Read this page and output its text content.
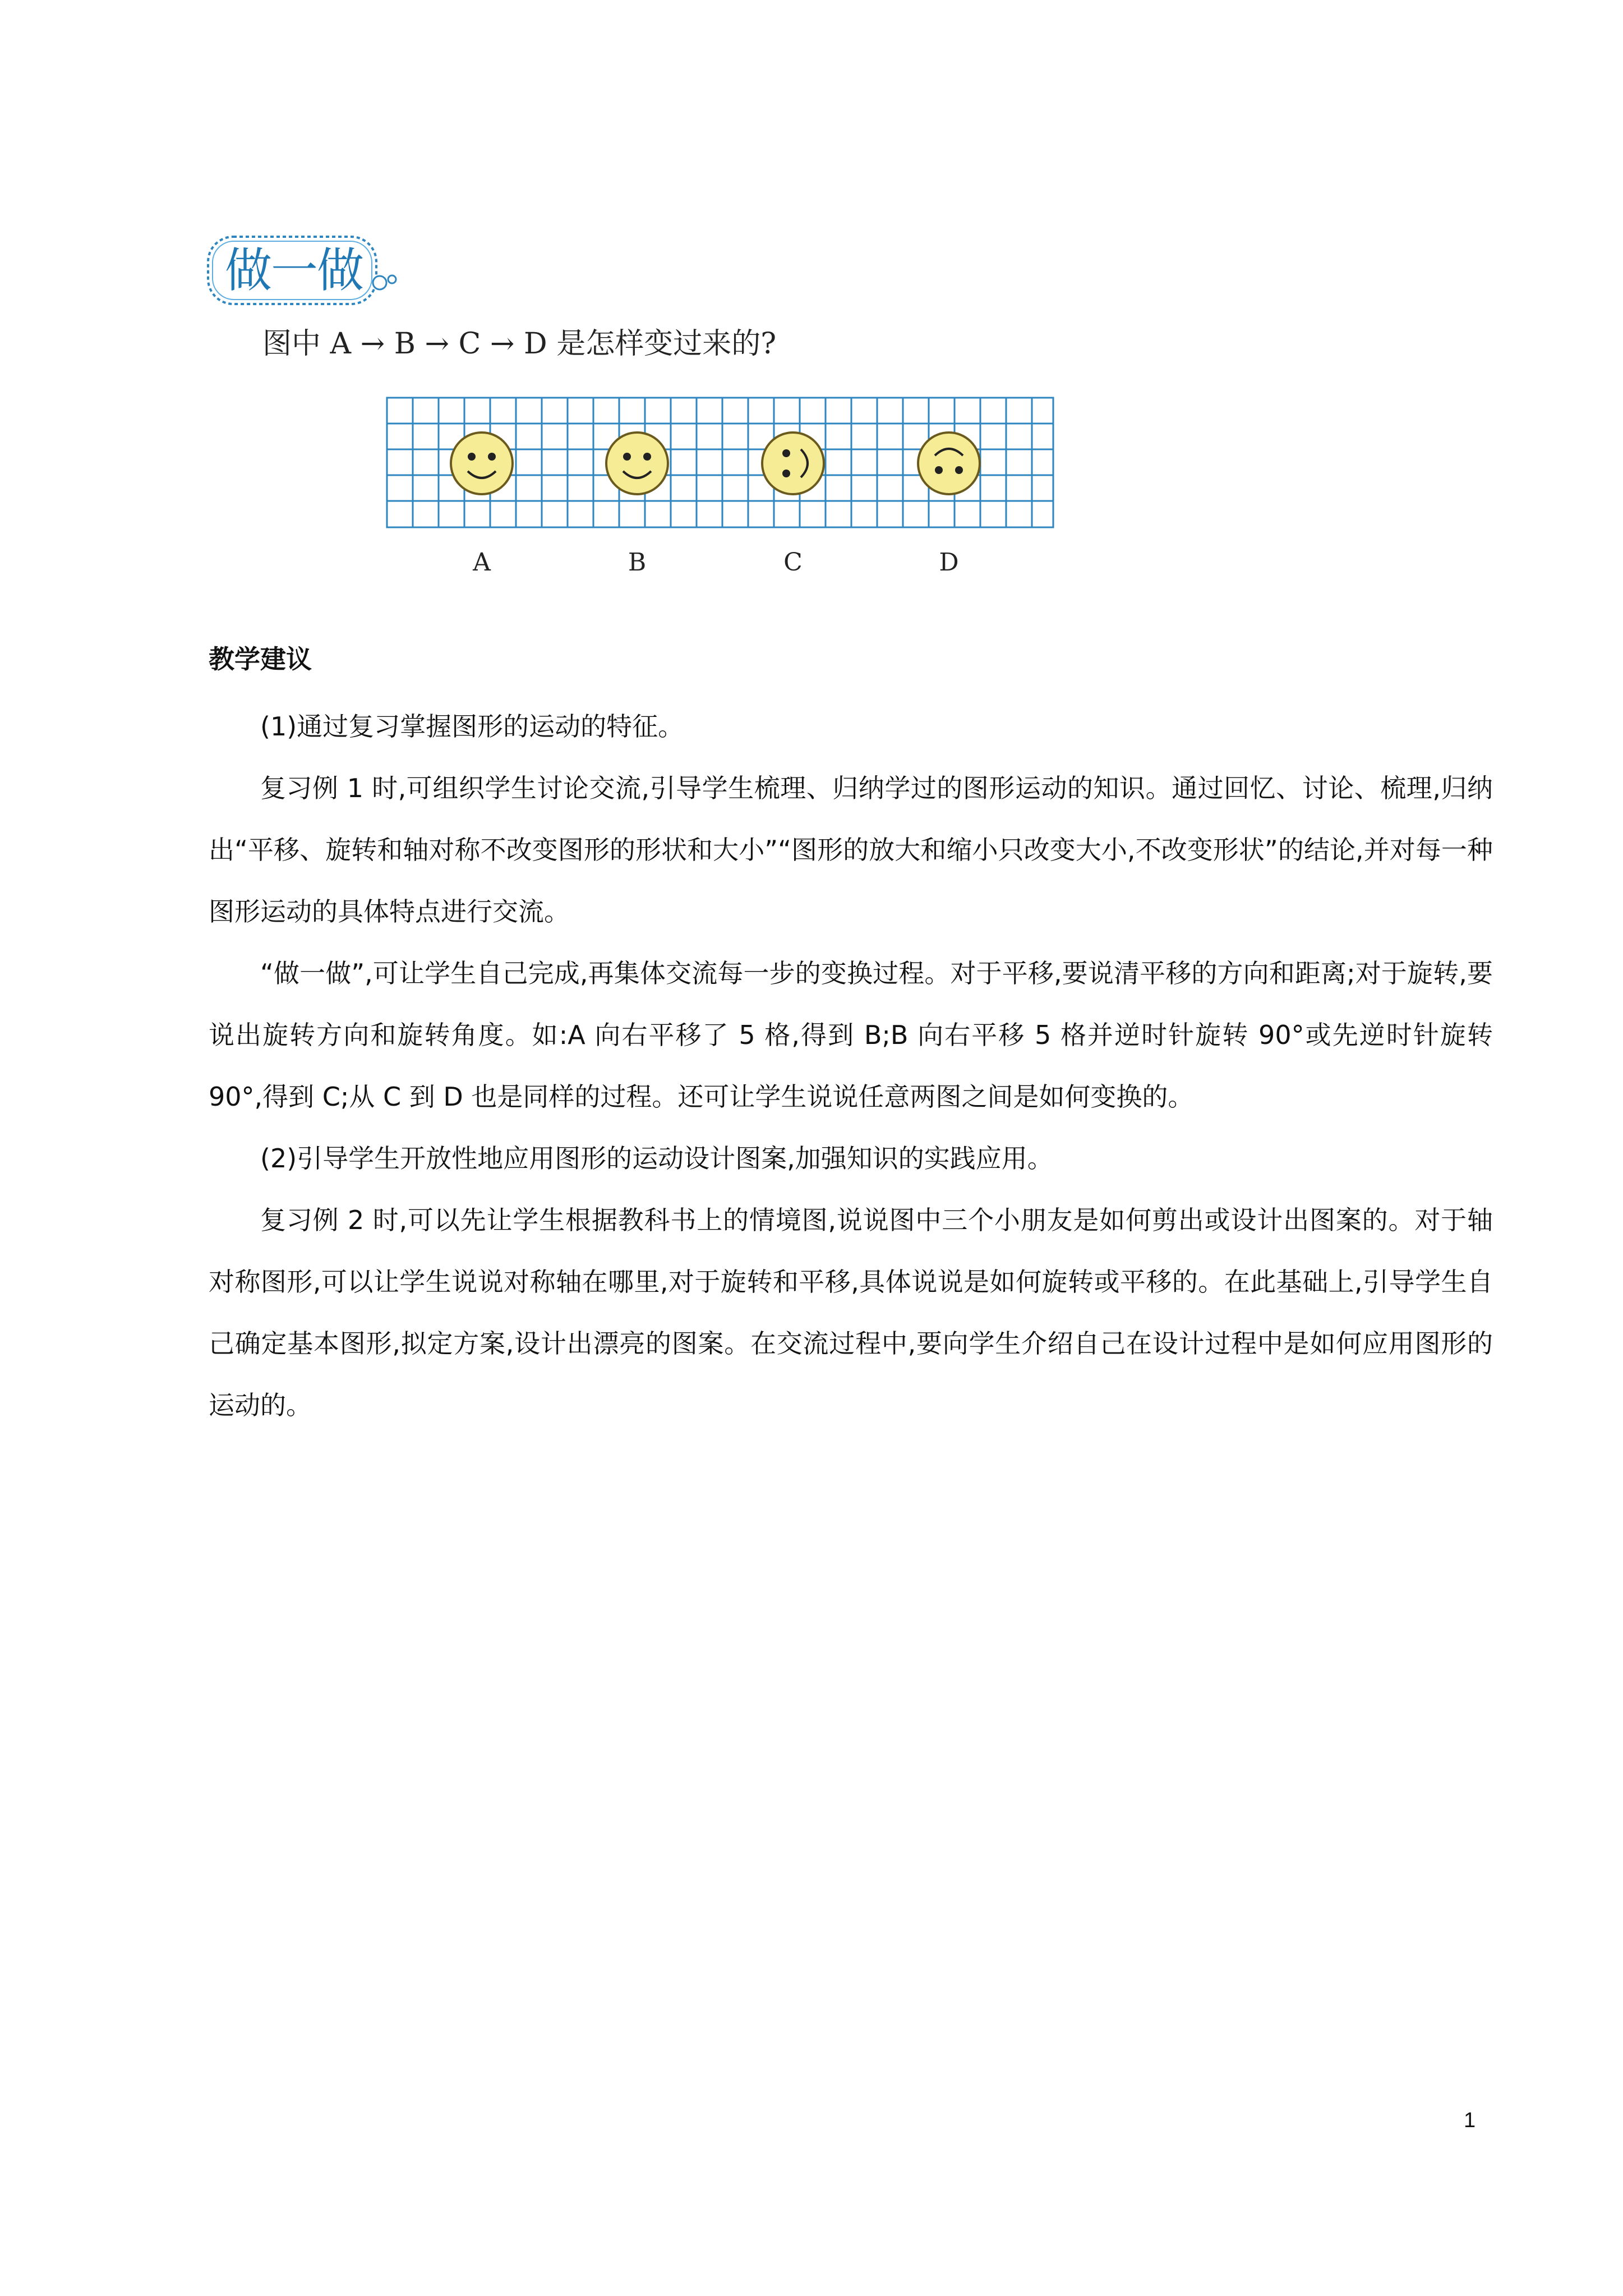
做一做
图中 A → B → C → D 是怎样变过来的?
A	B	C	D
教学建议

(1)通过复习掌握图形的运动的特征。

复习例 1 时,可组织学生讨论交流,引导学生梳理、归纳学过的图形运动的知识。通过回忆、讨论、梳理,归纳出“平移、旋转和轴对称不改变图形的形状和大小”“图形的放大和缩小只改变大小,不改变形状”的结论,并对每一种图形运动的具体特点进行交流。

“做一做”,可让学生自己完成,再集体交流每一步的变换过程。对于平移,要说清平移的方向和距离;对于旋转,要说出旋转方向和旋转角度。如:A 向右平移了 5 格,得到 B;B 向右平移 5 格并逆时针旋转 90°或先逆时针旋转 90°,得到 C;从 C 到 D 也是同样的过程。还可让学生说说任意两图之间是如何变换的。

(2)引导学生开放性地应用图形的运动设计图案,加强知识的实践应用。

复习例 2 时,可以先让学生根据教科书上的情境图,说说图中三个小朋友是如何剪出或设计出图案的。对于轴对称图形,可以让学生说说对称轴在哪里,对于旋转和平移,具体说说是如何旋转或平移的。在此基础上,引导学生自己确定基本图形,拟定方案,设计出漂亮的图案。在交流过程中,要向学生介绍自己在设计过程中是如何应用图形的运动的。

1
